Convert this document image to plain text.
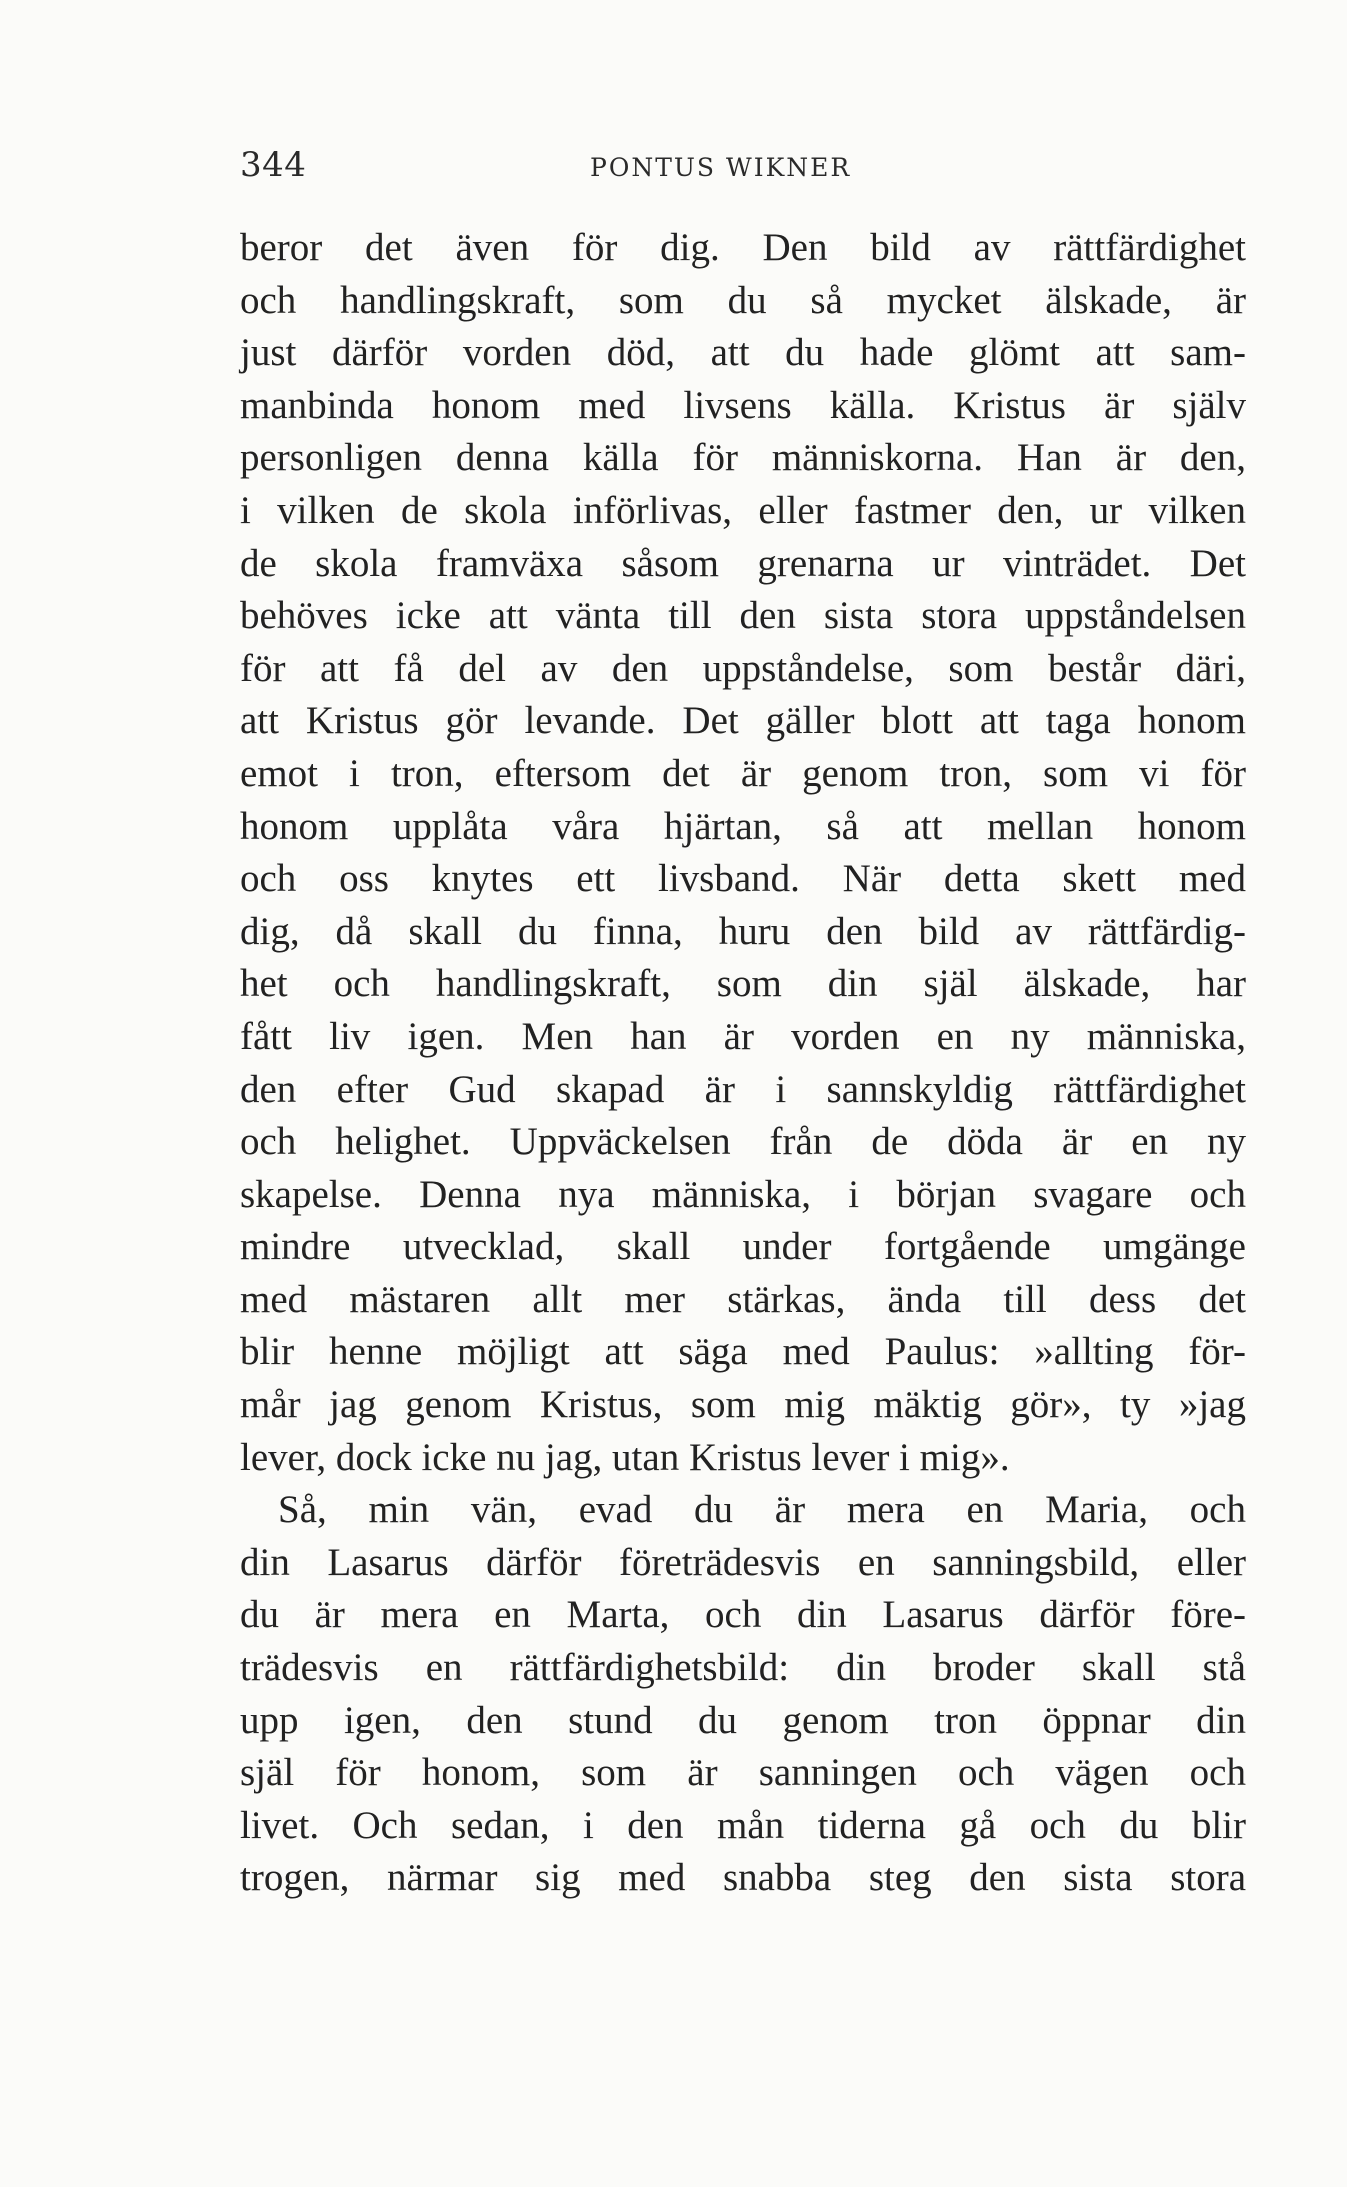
344	PONTUS WIKNER
beror det även för dig. Den bild av rättfärdighet
och handlingskraft, som du så mycket älskade, är
just därför vorden död, att du hade glömt att sam-
manbinda honom med livsens källa. Kristus är själv
personligen denna källa för människorna. Han är den,
i vilken de skola införlivas, eller fastmer den, ur vilken
de skola framväxa såsom grenarna ur vinträdet. Det
behöves icke att vänta till den sista stora uppståndelsen
för att få del av den uppståndelse, som består däri,
att Kristus gör levande. Det gäller blott att taga honom
emot i tron, eftersom det är genom tron, som vi för
honom upplåta våra hjärtan, så att mellan honom
och oss knytes ett livsband. När detta skett med
dig, då skall du finna, huru den bild av rättfärdig-
het och handlingskraft, som din själ älskade, har
fått liv igen. Men han är vorden en ny människa,
den efter Gud skapad är i sannskyldig rättfärdighet
och helighet. Uppväckelsen från de döda är en ny
skapelse. Denna nya människa, i början svagare och
mindre utvecklad, skall under fortgående umgänge
med mästaren allt mer stärkas, ända till dess det
blir henne möjligt att säga med Paulus: »allting för-
mår jag genom Kristus, som mig mäktig gör», ty »jag
lever, dock icke nu jag, utan Kristus lever i mig».
Så, min vän, evad du är mera en Maria, och
din Lasarus därför företrädesvis en sanningsbild, eller
du är mera en Marta, och din Lasarus därför före-
trädesvis en rättfärdighetsbild: din broder skall stå
upp igen, den stund du genom tron öppnar din
själ för honom, som är sanningen och vägen och
livet. Och sedan, i den mån tiderna gå och du blir
trogen, närmar sig med snabba steg den sista stora
